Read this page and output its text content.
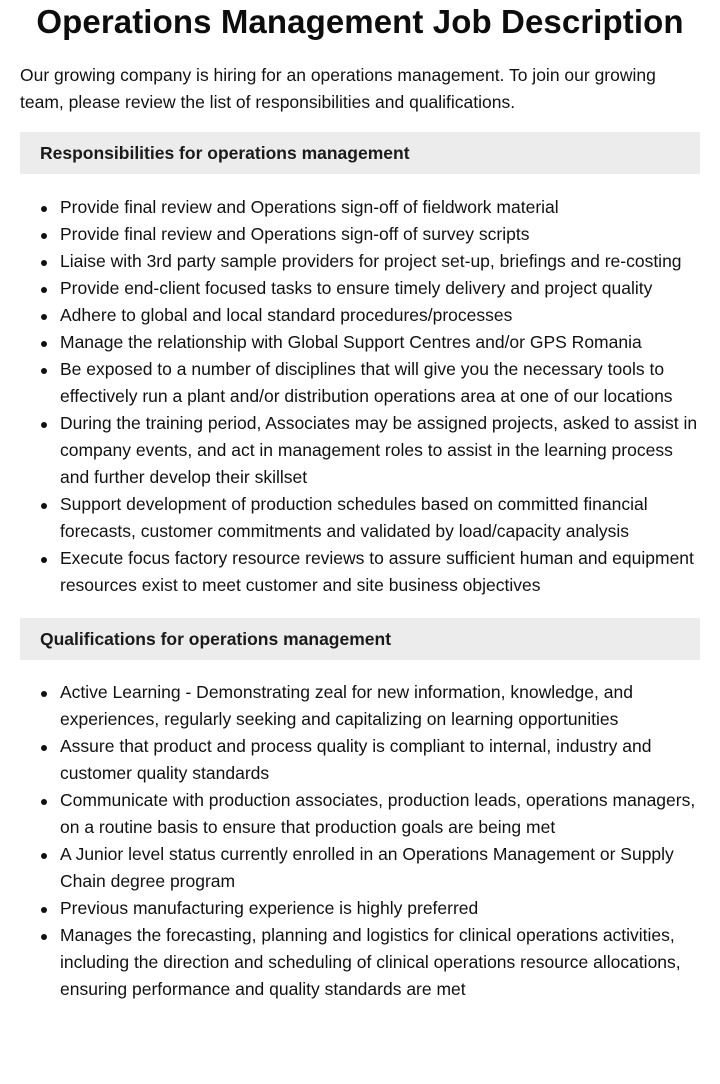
Operations Management Job Description

Our growing company is hiring for an operations management. To join our growing team, please review the list of responsibilities and qualifications.

Responsibilities for operations management
Provide final review and Operations sign-off of fieldwork material
Provide final review and Operations sign-off of survey scripts
Liaise with 3rd party sample providers for project set-up, briefings and re-costing
Provide end-client focused tasks to ensure timely delivery and project quality
Adhere to global and local standard procedures/processes
Manage the relationship with Global Support Centres and/or GPS Romania
Be exposed to a number of disciplines that will give you the necessary tools to effectively run a plant and/or distribution operations area at one of our locations
During the training period, Associates may be assigned projects, asked to assist in company events, and act in management roles to assist in the learning process and further develop their skillset
Support development of production schedules based on committed financial forecasts, customer commitments and validated by load/capacity analysis
Execute focus factory resource reviews to assure sufficient human and equipment resources exist to meet customer and site business objectives
Qualifications for operations management
Active Learning - Demonstrating zeal for new information, knowledge, and experiences, regularly seeking and capitalizing on learning opportunities
Assure that product and process quality is compliant to internal, industry and customer quality standards
Communicate with production associates, production leads, operations managers, on a routine basis to ensure that production goals are being met
A Junior level status currently enrolled in an Operations Management or Supply Chain degree program
Previous manufacturing experience is highly preferred
Manages the forecasting, planning and logistics for clinical operations activities, including the direction and scheduling of clinical operations resource allocations, ensuring performance and quality standards are met
